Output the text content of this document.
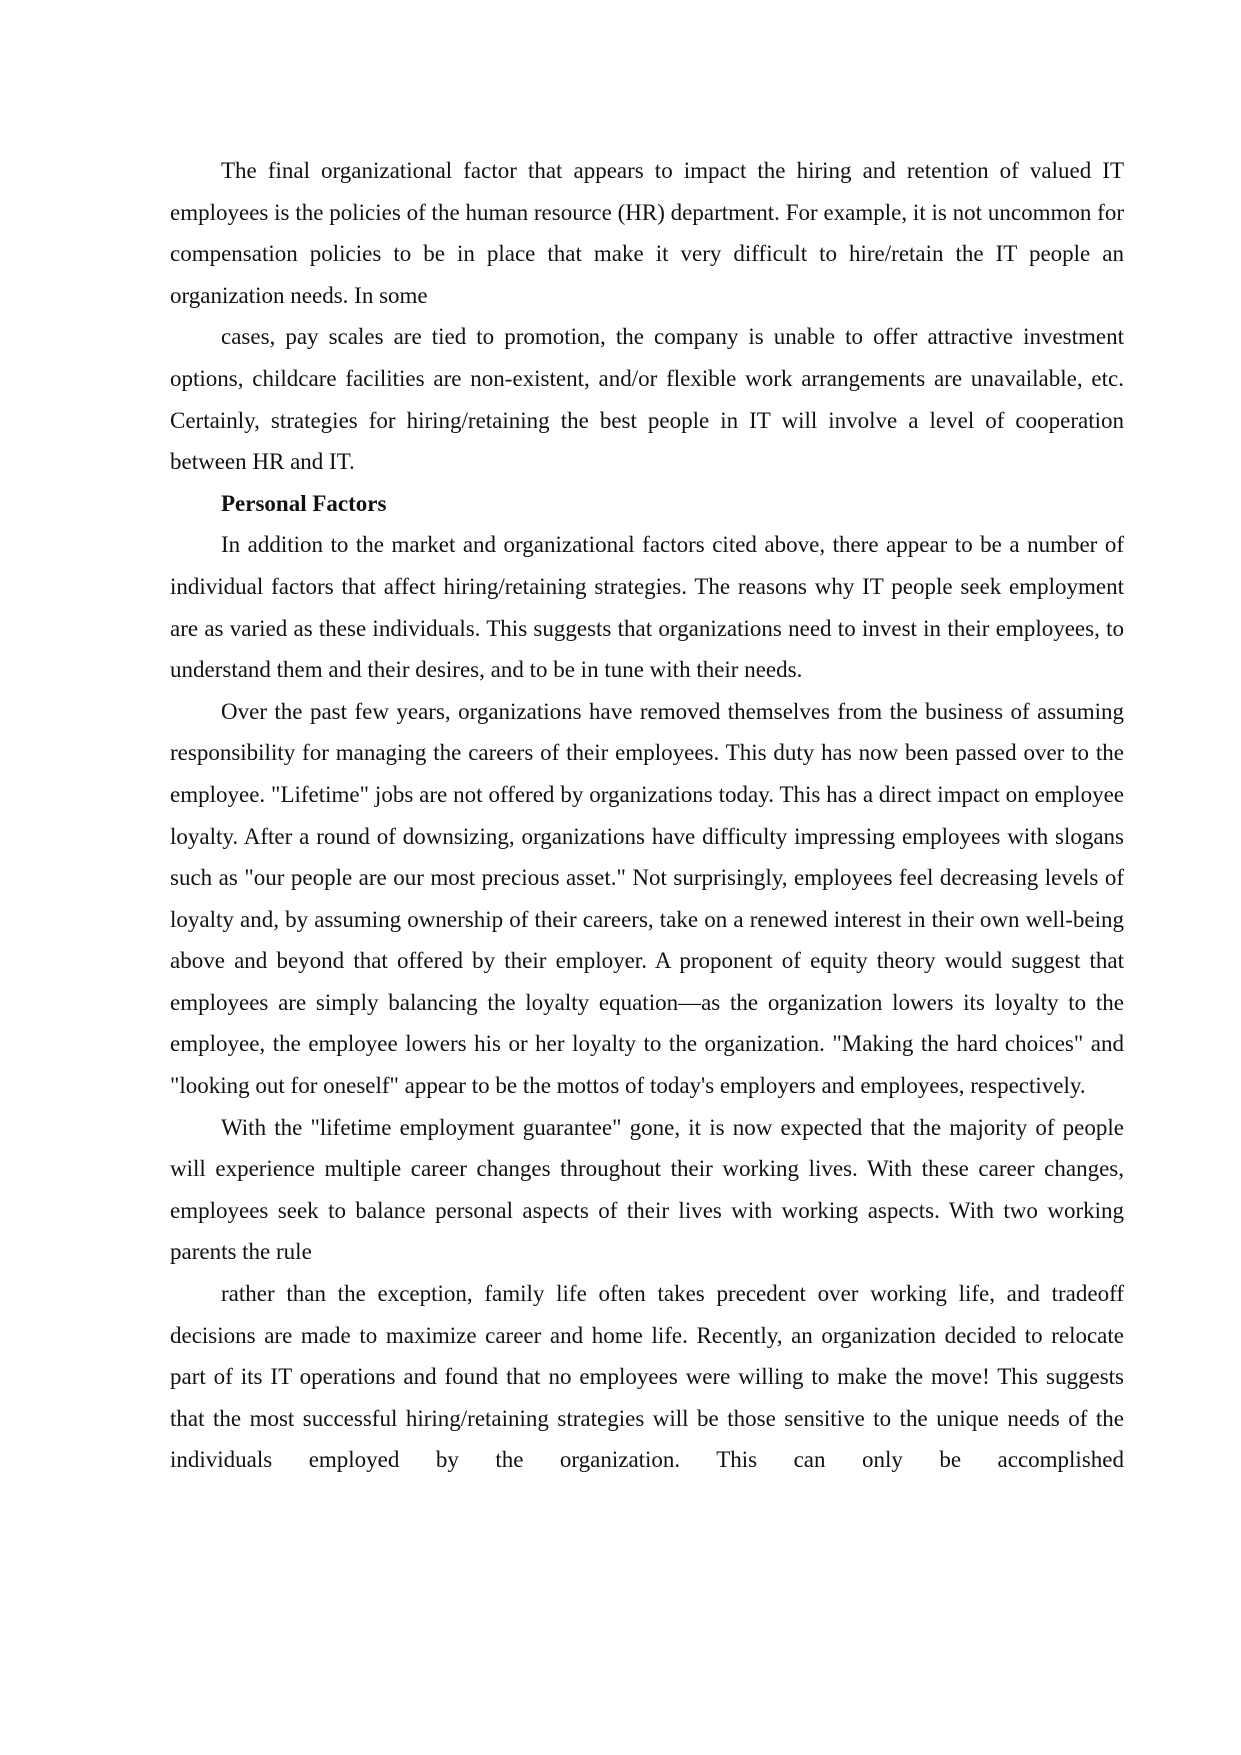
The final organizational factor that appears to impact the hiring and retention of valued IT employees is the policies of the human resource (HR) department. For example, it is not uncommon for compensation policies to be in place that make it very difficult to hire/retain the IT people an organization needs. In some

cases, pay scales are tied to promotion, the company is unable to offer attractive investment options, childcare facilities are non-existent, and/or flexible work arrangements are unavailable, etc. Certainly, strategies for hiring/retaining the best people in IT will involve a level of cooperation between HR and IT.

Personal Factors

In addition to the market and organizational factors cited above, there appear to be a number of individual factors that affect hiring/retaining strategies. The reasons why IT people seek employment are as varied as these individuals. This suggests that organizations need to invest in their employees, to understand them and their desires, and to be in tune with their needs.

Over the past few years, organizations have removed themselves from the business of assuming responsibility for managing the careers of their employees. This duty has now been passed over to the employee. "Lifetime" jobs are not offered by organizations today. This has a direct impact on employee loyalty. After a round of downsizing, organizations have difficulty impressing employees with slogans such as "our people are our most precious asset." Not surprisingly, employees feel decreasing levels of loyalty and, by assuming ownership of their careers, take on a renewed interest in their own well-being above and beyond that offered by their employer. A proponent of equity theory would suggest that employees are simply balancing the loyalty equation—as the organization lowers its loyalty to the employee, the employee lowers his or her loyalty to the organization. "Making the hard choices" and "looking out for oneself" appear to be the mottos of today's employers and employees, respectively.

With the "lifetime employment guarantee" gone, it is now expected that the majority of people will experience multiple career changes throughout their working lives. With these career changes, employees seek to balance personal aspects of their lives with working aspects. With two working parents the rule

rather than the exception, family life often takes precedent over working life, and tradeoff decisions are made to maximize career and home life. Recently, an organization decided to relocate part of its IT operations and found that no employees were willing to make the move! This suggests that the most successful hiring/retaining strategies will be those sensitive to the unique needs of the individuals employed by the organization. This can only be accomplished
